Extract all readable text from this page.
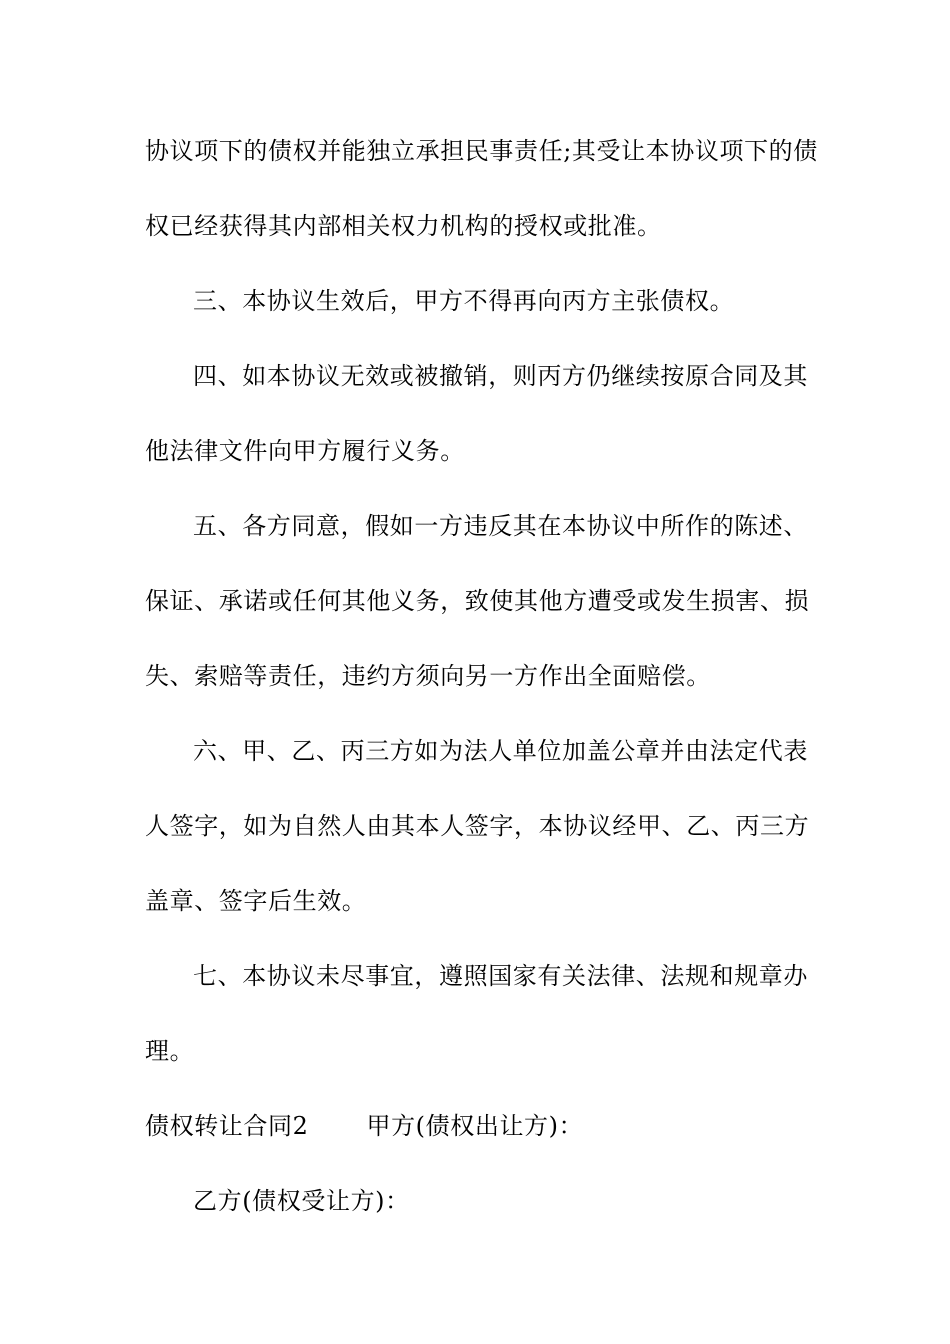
协议项下的债权并能独立承担民事责任;其受让本协议项下的债
权已经获得其内部相关权力机构的授权或批准。
三、本协议生效后，甲方不得再向丙方主张债权。
四、如本协议无效或被撤销，则丙方仍继续按原合同及其
他法律文件向甲方履行义务。
五、各方同意，假如一方违反其在本协议中所作的陈述、
保证、承诺或任何其他义务，致使其他方遭受或发生损害、损
失、索赔等责任，违约方须向另一方作出全面赔偿。
六、甲、乙、丙三方如为法人单位加盖公章并由法定代表
人签字，如为自然人由其本人签字，本协议经甲、乙、丙三方
盖章、签字后生效。
七、本协议未尽事宜，遵照国家有关法律、法规和规章办
理。
债权转让合同2 甲方(债权出让方)：
乙方(债权受让方)：
